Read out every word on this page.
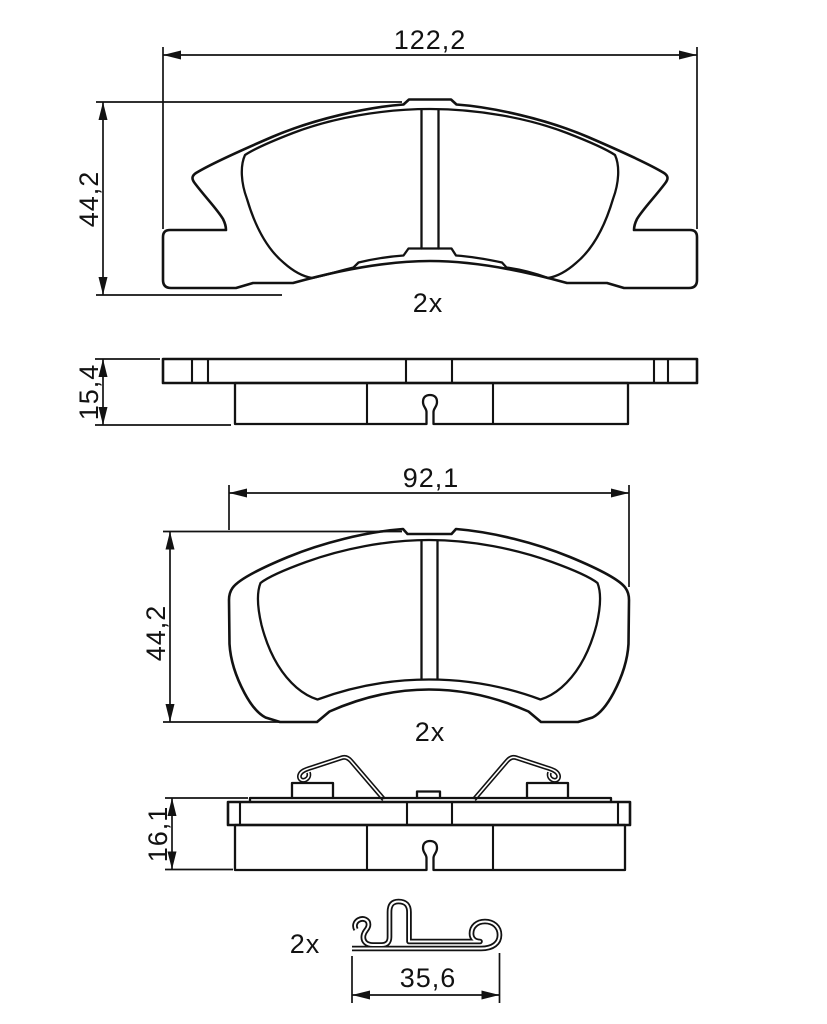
122,2
44,2
2x
15,4
92,1
44,2
2x
16,1
2x
35,6
